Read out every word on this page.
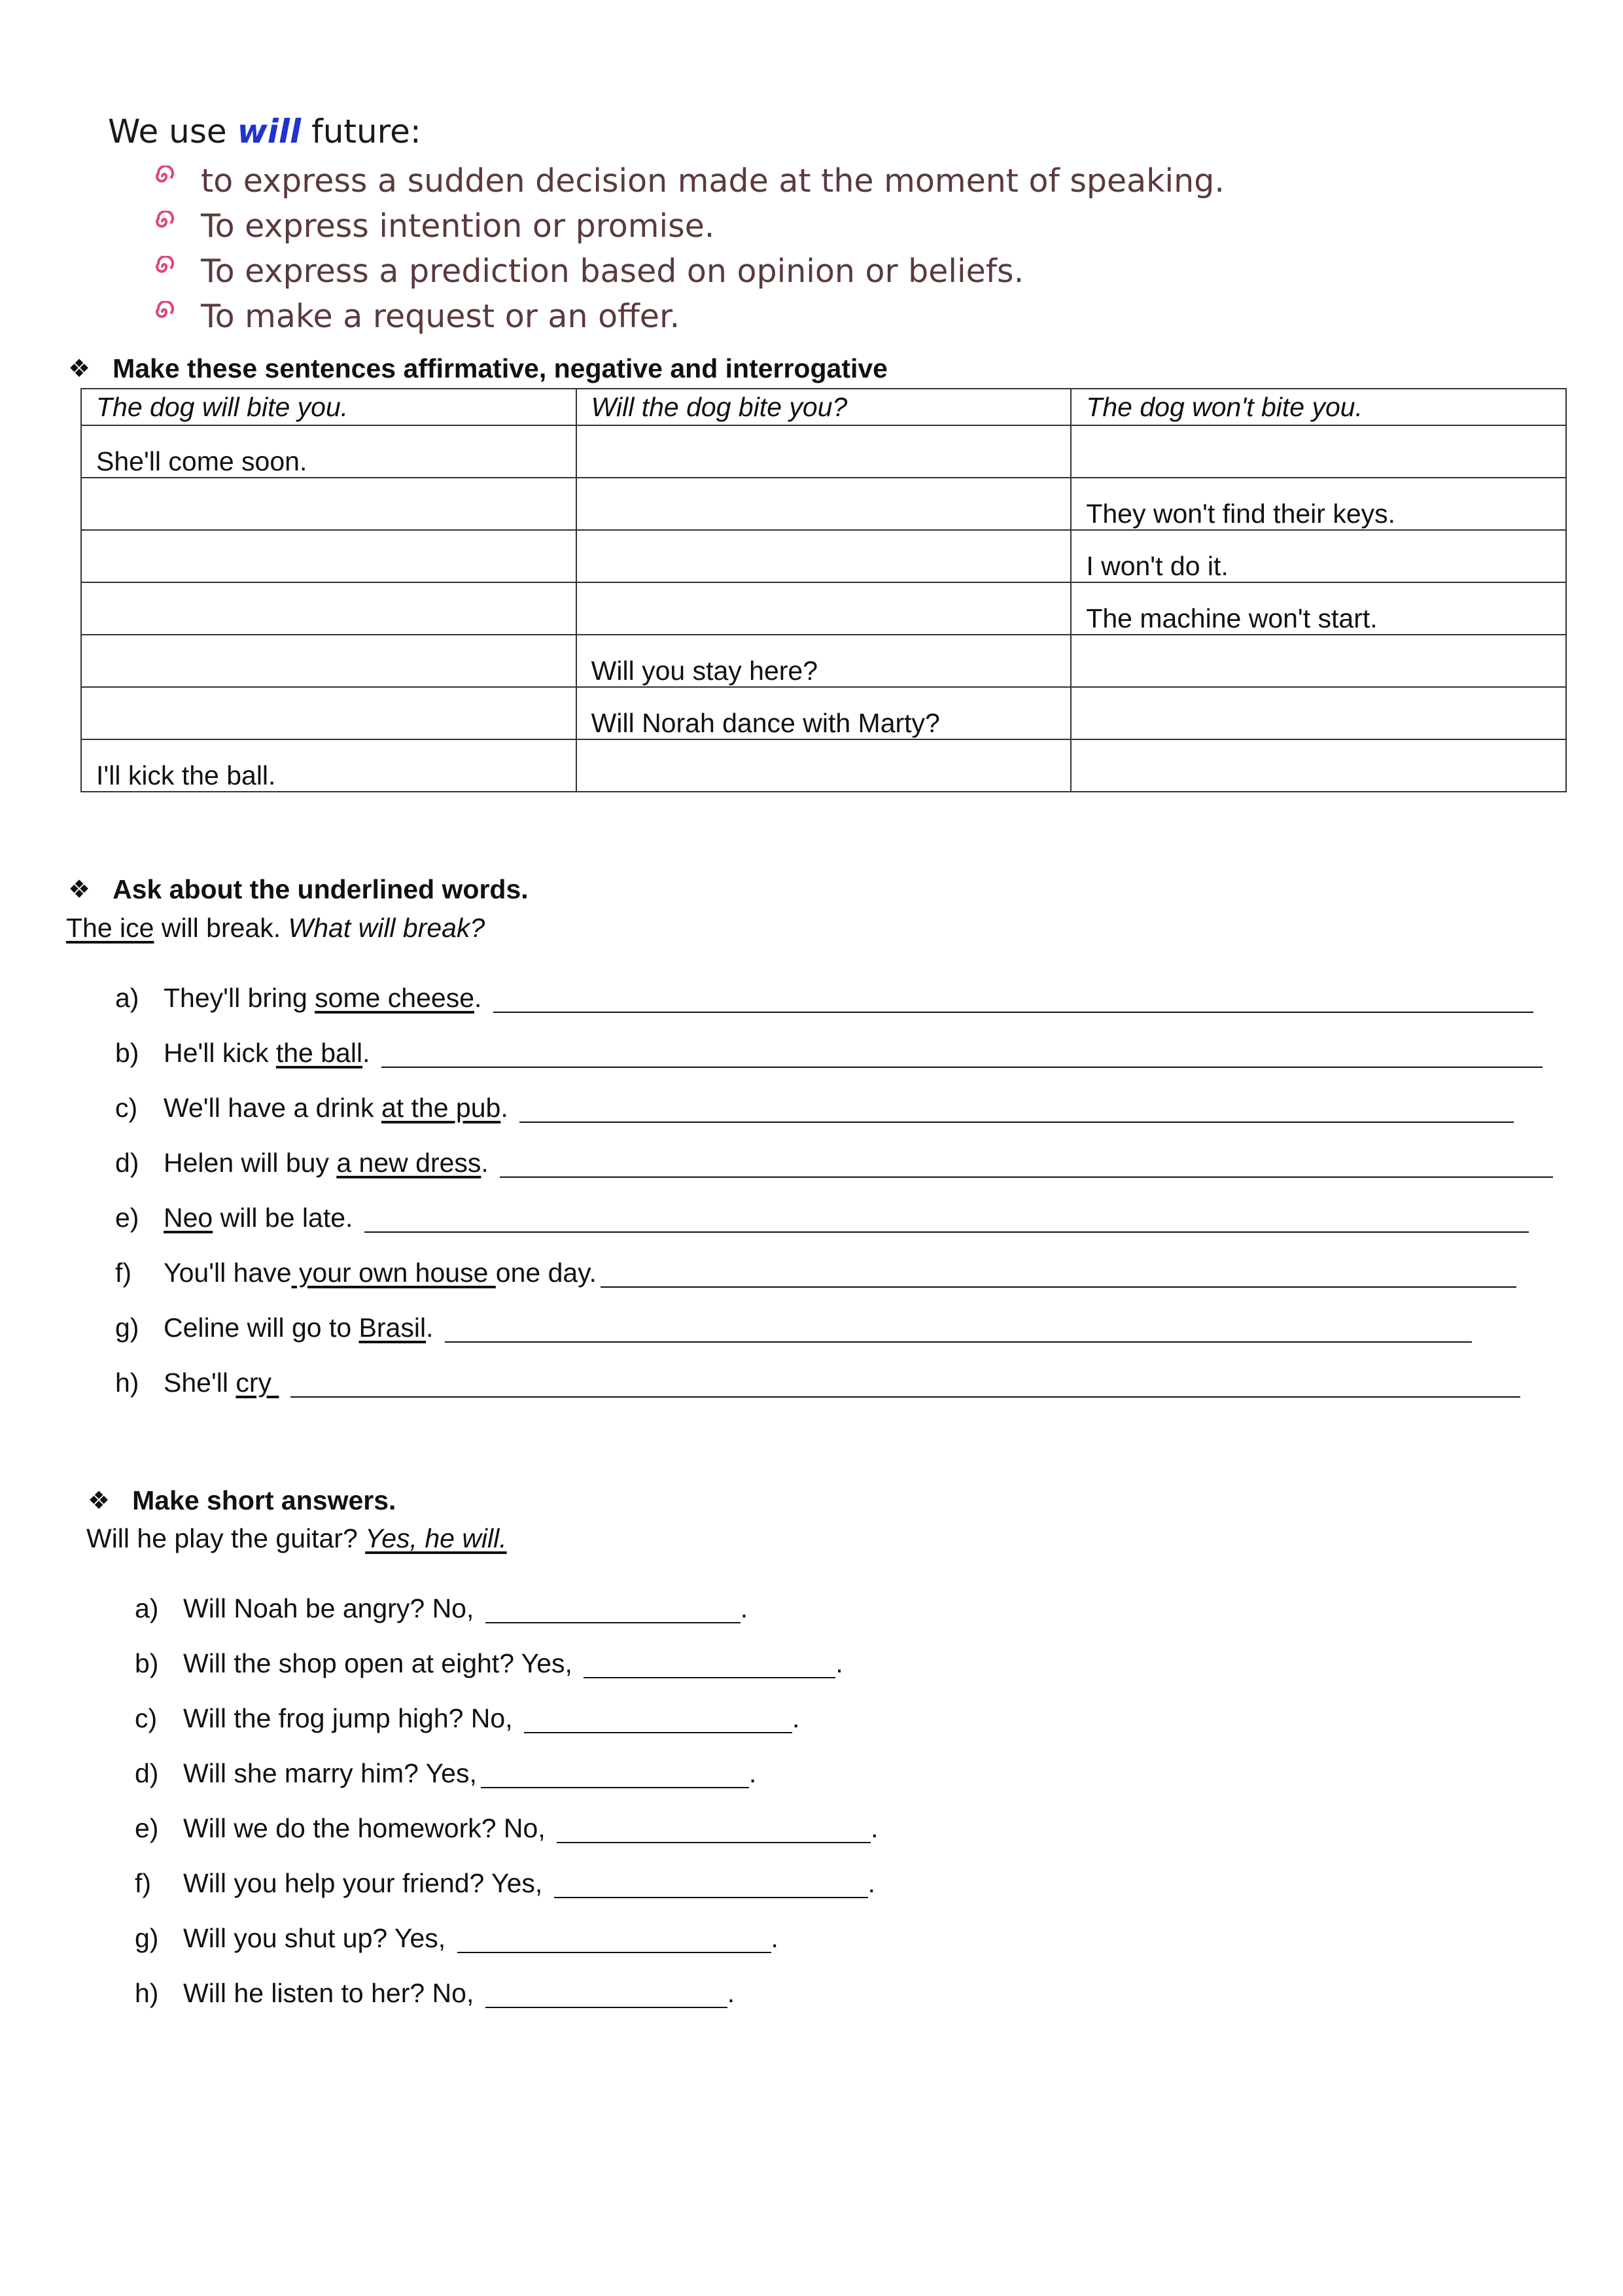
We use will future:
to express a sudden decision made at the moment of speaking.
To express intention or promise.
To express a prediction based on opinion or beliefs.
To make a request or an offer.
❖ Make these sentences affirmative, negative and interrogative
The dog will bite you.	Will the dog bite you?	The dog won't bite you.
She'll come soon.		
		They won't find their keys.
		I won't do it.
		The machine won't start.
	Will you stay here?	
	Will Norah dance with Marty?	
I'll kick the ball.		
❖ Ask about the underlined words.
The ice will break. What will break?
a) They'll bring some cheese .
b) He'll kick the ball .
c) We'll have a drink at the pub .
d) Helen will buy a new dress .
e) Neo will be late.
f)	You'll have your own house one day.
g) Celine will go to Brasil .
h) She'll cry

❖ Make short answers.
Will he play the guitar? Yes, he will.
a) Will Noah be angry? No,	.
b) Will the shop open at eight? Yes,	.
c) Will the frog jump high? No,	.
d) Will she marry him? Yes,	.
e) Will we do the homework? No,	.
f)	Will you help your friend? Yes,	.
g) Will you shut up? Yes,	.
h) Will he listen to her? No,	.
